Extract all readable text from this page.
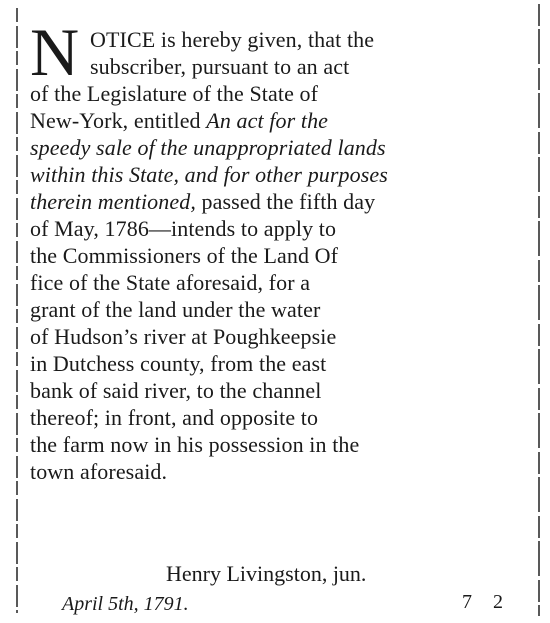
N OTICE is hereby given, that the
subscriber, pursuant to an act
of the Legislature of the State of
New-York, entitled An act for the
speedy sale of the unappropriated lands
within this State, and for other purposes
therein mentioned, passed the fifth day
of May, 1786—intends to apply to
the Commissioners of the Land Of
fice of the State aforesaid, for a
grant of the land under the water
of Hudson’s river at Poughkeepsie
in Dutchess county, from the east
bank of said river, to the channel
thereof; in front, and opposite to
the farm now in his possession in the
town aforesaid.
Henry Livingston, jun.
April 5th, 1791.	7 2
